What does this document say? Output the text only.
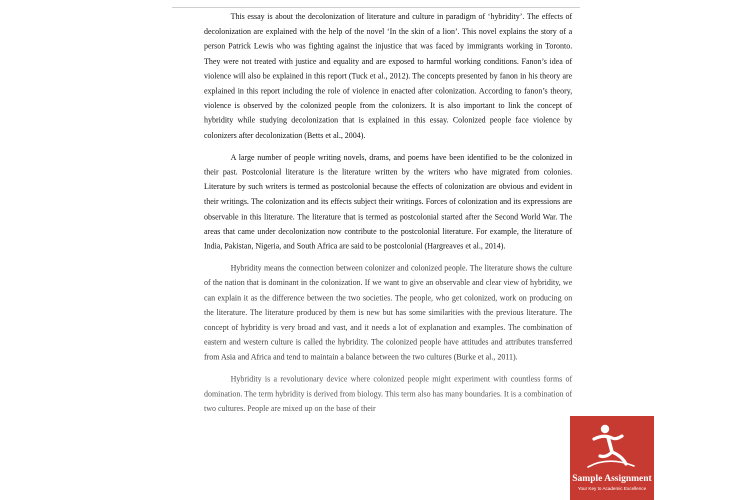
This essay is about the decolonization of literature and culture in paradigm of ‘hybridity’. The effects of decolonization are explained with the help of the novel ‘In the skin of a lion’. This novel explains the story of a person Patrick Lewis who was fighting against the injustice that was faced by immigrants working in Toronto. They were not treated with justice and equality and are exposed to harmful working conditions. Fanon’s idea of violence will also be explained in this report (Tuck et al., 2012). The concepts presented by fanon in his theory are explained in this report including the role of violence in enacted after colonization. According to fanon’s theory, violence is observed by the colonized people from the colonizers. It is also important to link the concept of hybridity while studying decolonization that is explained in this essay. Colonized people face violence by colonizers after decolonization (Betts et al., 2004).

A large number of people writing novels, drams, and poems have been identified to be the colonized in their past. Postcolonial literature is the literature written by the writers who have migrated from colonies. Literature by such writers is termed as postcolonial because the effects of colonization are obvious and evident in their writings. The colonization and its effects subject their writings. Forces of colonization and its expressions are observable in this literature. The literature that is termed as postcolonial started after the Second World War. The areas that came under decolonization now contribute to the postcolonial literature. For example, the literature of India, Pakistan, Nigeria, and South Africa are said to be postcolonial (Hargreaves et al., 2014).

Hybridity means the connection between colonizer and colonized people. The literature shows the culture of the nation that is dominant in the colonization. If we want to give an observable and clear view of hybridity, we can explain it as the difference between the two societies. The people, who get colonized, work on producing on the literature. The literature produced by them is new but has some similarities with the previous literature. The concept of hybridity is very broad and vast, and it needs a lot of explanation and examples. The combination of eastern and western culture is called the hybridity. The colonized people have attitudes and attributes transferred from Asia and Africa and tend to maintain a balance between the two cultures (Burke et al., 2011).

Hybridity is a revolutionary device where colonized people might experiment with countless forms of domination. The term hybridity is derived from biology. This term also has many boundaries. It is a combination of two cultures. People are mixed up on the base of their

Sample Assignment
Your Key to Academic Excellence
